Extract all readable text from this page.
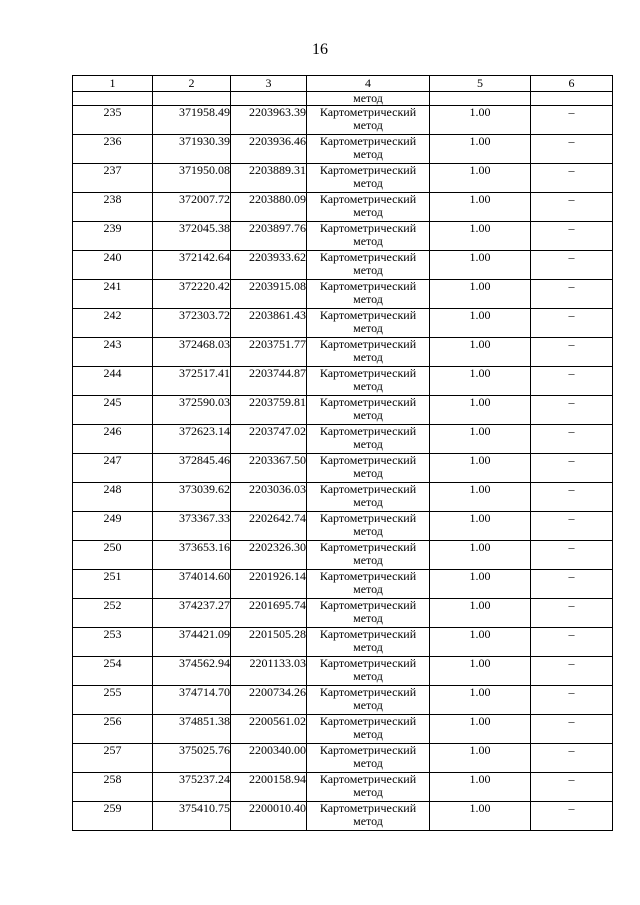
16
1	2	3	4	5	6
			метод		
235	371958.49	2203963.39	Картометрический метод	1.00	–
236	371930.39	2203936.46	Картометрический метод	1.00	–
237	371950.08	2203889.31	Картометрический метод	1.00	–
238	372007.72	2203880.09	Картометрический метод	1.00	–
239	372045.38	2203897.76	Картометрический метод	1.00	–
240	372142.64	2203933.62	Картометрический метод	1.00	–
241	372220.42	2203915.08	Картометрический метод	1.00	–
242	372303.72	2203861.43	Картометрический метод	1.00	–
243	372468.03	2203751.77	Картометрический метод	1.00	–
244	372517.41	2203744.87	Картометрический метод	1.00	–
245	372590.03	2203759.81	Картометрический метод	1.00	–
246	372623.14	2203747.02	Картометрический метод	1.00	–
247	372845.46	2203367.50	Картометрический метод	1.00	–
248	373039.62	2203036.03	Картометрический метод	1.00	–
249	373367.33	2202642.74	Картометрический метод	1.00	–
250	373653.16	2202326.30	Картометрический метод	1.00	–
251	374014.60	2201926.14	Картометрический метод	1.00	–
252	374237.27	2201695.74	Картометрический метод	1.00	–
253	374421.09	2201505.28	Картометрический метод	1.00	–
254	374562.94	2201133.03	Картометрический метод	1.00	–
255	374714.70	2200734.26	Картометрический метод	1.00	–
256	374851.38	2200561.02	Картометрический метод	1.00	–
257	375025.76	2200340.00	Картометрический метод	1.00	–
258	375237.24	2200158.94	Картометрический метод	1.00	–
259	375410.75	2200010.40	Картометрический метод	1.00	–
